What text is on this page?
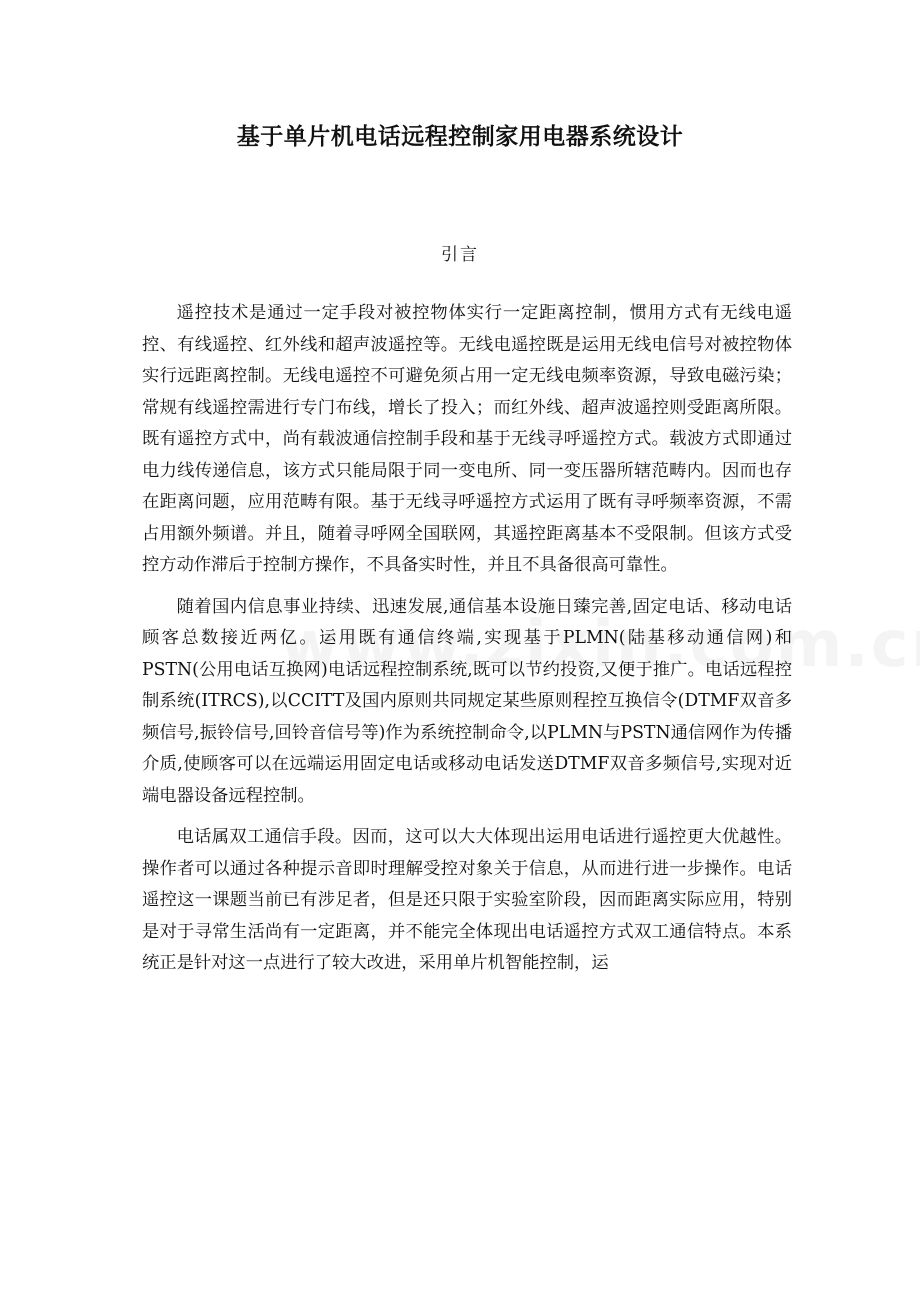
基于单片机电话远程控制家用电器系统设计
引言

遥控技术是通过一定手段对被控物体实行一定距离控制，惯用方式有无线电遥控、有线遥控、红外线和超声波遥控等。无线电遥控既是运用无线电信号对被控物体实行远距离控制。无线电遥控不可避免须占用一定无线电频率资源，导致电磁污染；常规有线遥控需进行专门布线，增长了投入；而红外线、超声波遥控则受距离所限。既有遥控方式中，尚有载波通信控制手段和基于无线寻呼遥控方式。载波方式即通过电力线传递信息，该方式只能局限于同一变电所、同一变压器所辖范畴内。因而也存在距离问题，应用范畴有限。基于无线寻呼遥控方式运用了既有寻呼频率资源，不需占用额外频谱。并且，随着寻呼网全国联网，其遥控距离基本不受限制。但该方式受控方动作滞后于控制方操作，不具备实时性，并且不具备很高可靠性。

随着国内信息事业持续、迅速发展,通信基本设施日臻完善,固定电话、移动电话顾客总数接近两亿。运用既有通信终端,实现基于PLMN(陆基移动通信网)和PSTN(公用电话互换网)电话远程控制系统,既可以节约投资,又便于推广。电话远程控制系统(ITRCS),以CCITT及国内原则共同规定某些原则程控互换信令(DTMF双音多频信号,振铃信号,回铃音信号等)作为系统控制命令,以PLMN与PSTN通信网作为传播介质,使顾客可以在远端运用固定电话或移动电话发送DTMF双音多频信号,实现对近端电器设备远程控制。

电话属双工通信手段。因而，这可以大大体现出运用电话进行遥控更大优越性。操作者可以通过各种提示音即时理解受控对象关于信息，从而进行进一步操作。电话遥控这一课题当前已有涉足者，但是还只限于实验室阶段，因而距离实际应用，特别是对于寻常生活尚有一定距离，并不能完全体现出电话遥控方式双工通信特点。本系统正是针对这一点进行了较大改进，采用单片机智能控制，运
